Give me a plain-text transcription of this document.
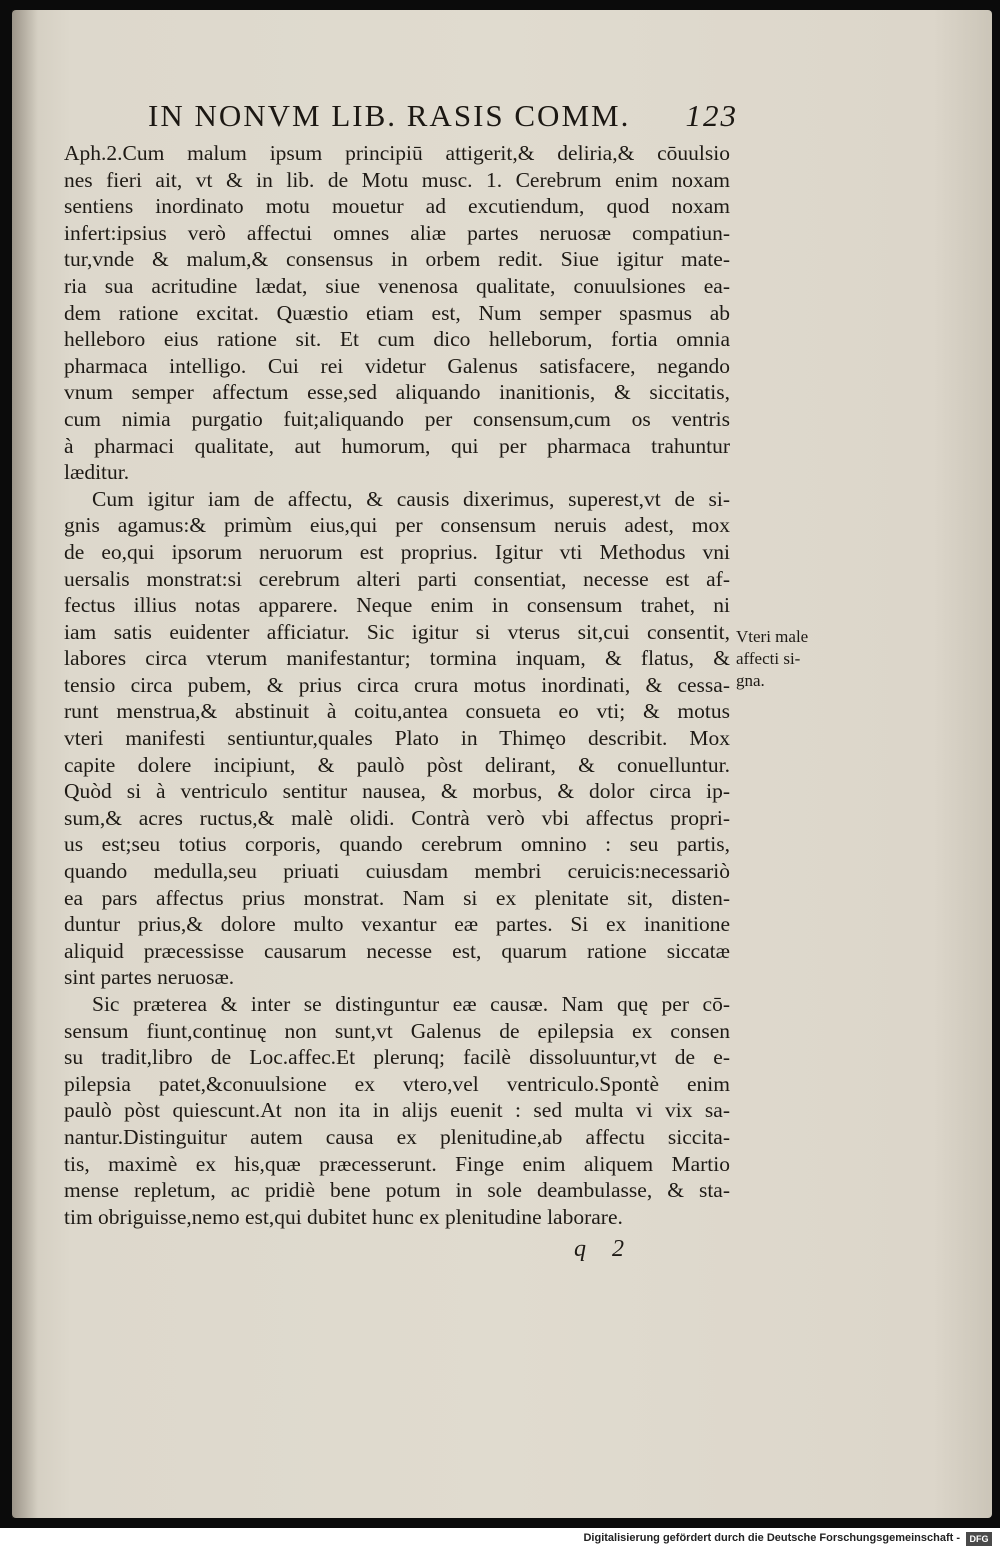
IN NONVM LIB. RASIS COMM. 123
Aph.2.Cum malum ipsum principiū attigerit,& deliria,& cōuulsio
nes fieri ait, vt & in lib. de Motu musc. 1. Cerebrum enim noxam
sentiens inordinato motu mouetur ad excutiendum, quod noxam
infert:ipsius verò affectui omnes aliæ partes neruosæ compatiun-
tur,vnde & malum,& consensus in orbem redit. Siue igitur mate-
ria sua acritudine lædat, siue venenosa qualitate, conuulsiones ea-
dem ratione excitat. Quæstio etiam est, Num semper spasmus ab
helleboro eius ratione sit. Et cum dico helleborum, fortia omnia
pharmaca intelligo. Cui rei videtur Galenus satisfacere, negando
vnum semper affectum esse,sed aliquando inanitionis, & siccitatis,
cum nimia purgatio fuit;aliquando per consensum,cum os ventris
à pharmaci qualitate, aut humorum, qui per pharmaca trahuntur
læditur.
Cum igitur iam de affectu, & causis dixerimus, superest,vt de si-
gnis agamus:& primùm eius,qui per consensum neruis adest, mox
de eo,qui ipsorum neruorum est proprius. Igitur vti Methodus vni
uersalis monstrat:si cerebrum alteri parti consentiat, necesse est af-
fectus illius notas apparere. Neque enim in consensum trahet, ni
iam satis euidenter afficiatur. Sic igitur si vterus sit,cui consentit,
labores circa vterum manifestantur; tormina inquam, & flatus, &
tensio circa pubem, & prius circa crura motus inordinati, & cessa-
runt menstrua,& abstinuit à coitu,antea consueta eo vti; & motus
vteri manifesti sentiuntur,quales Plato in Thimęo describit. Mox
capite dolere incipiunt, & paulò pòst delirant, & conuelluntur.
Quòd si à ventriculo sentitur nausea, & morbus, & dolor circa ip-
sum,& acres ructus,& malè olidi. Contrà verò vbi affectus propri-
us est;seu totius corporis, quando cerebrum omnino : seu partis,
quando medulla,seu priuati cuiusdam membri ceruicis:necessariò
ea pars affectus prius monstrat. Nam si ex plenitate sit, disten-
duntur prius,& dolore multo vexantur eæ partes. Si ex inanitione
aliquid præcessisse causarum necesse est, quarum ratione siccatæ
sint partes neruosæ.
Sic præterea & inter se distinguntur eæ causæ. Nam quę per cō-
sensum fiunt,continuę non sunt,vt Galenus de epilepsia ex consen
su tradit,libro de Loc.affec.Et plerunq; facilè dissoluuntur,vt de e-
pilepsia patet,&conuulsione ex vtero,vel ventriculo.Spontè enim
paulò pòst quiescunt.At non ita in alijs euenit : sed multa vi vix sa-
nantur.Distinguitur autem causa ex plenitudine,ab affectu siccita-
tis, maximè ex his,quæ præcesserunt. Finge enim aliquem Martio
mense repletum, ac pridiè bene potum in sole deambulasse, & sta-
tim obriguisse,nemo est,qui dubitet hunc ex plenitudine laborare.
Vteri male
affecti si-
gna.
q 2
Digitalisierung gefördert durch die Deutsche Forschungsgemeinschaft -	DFG
